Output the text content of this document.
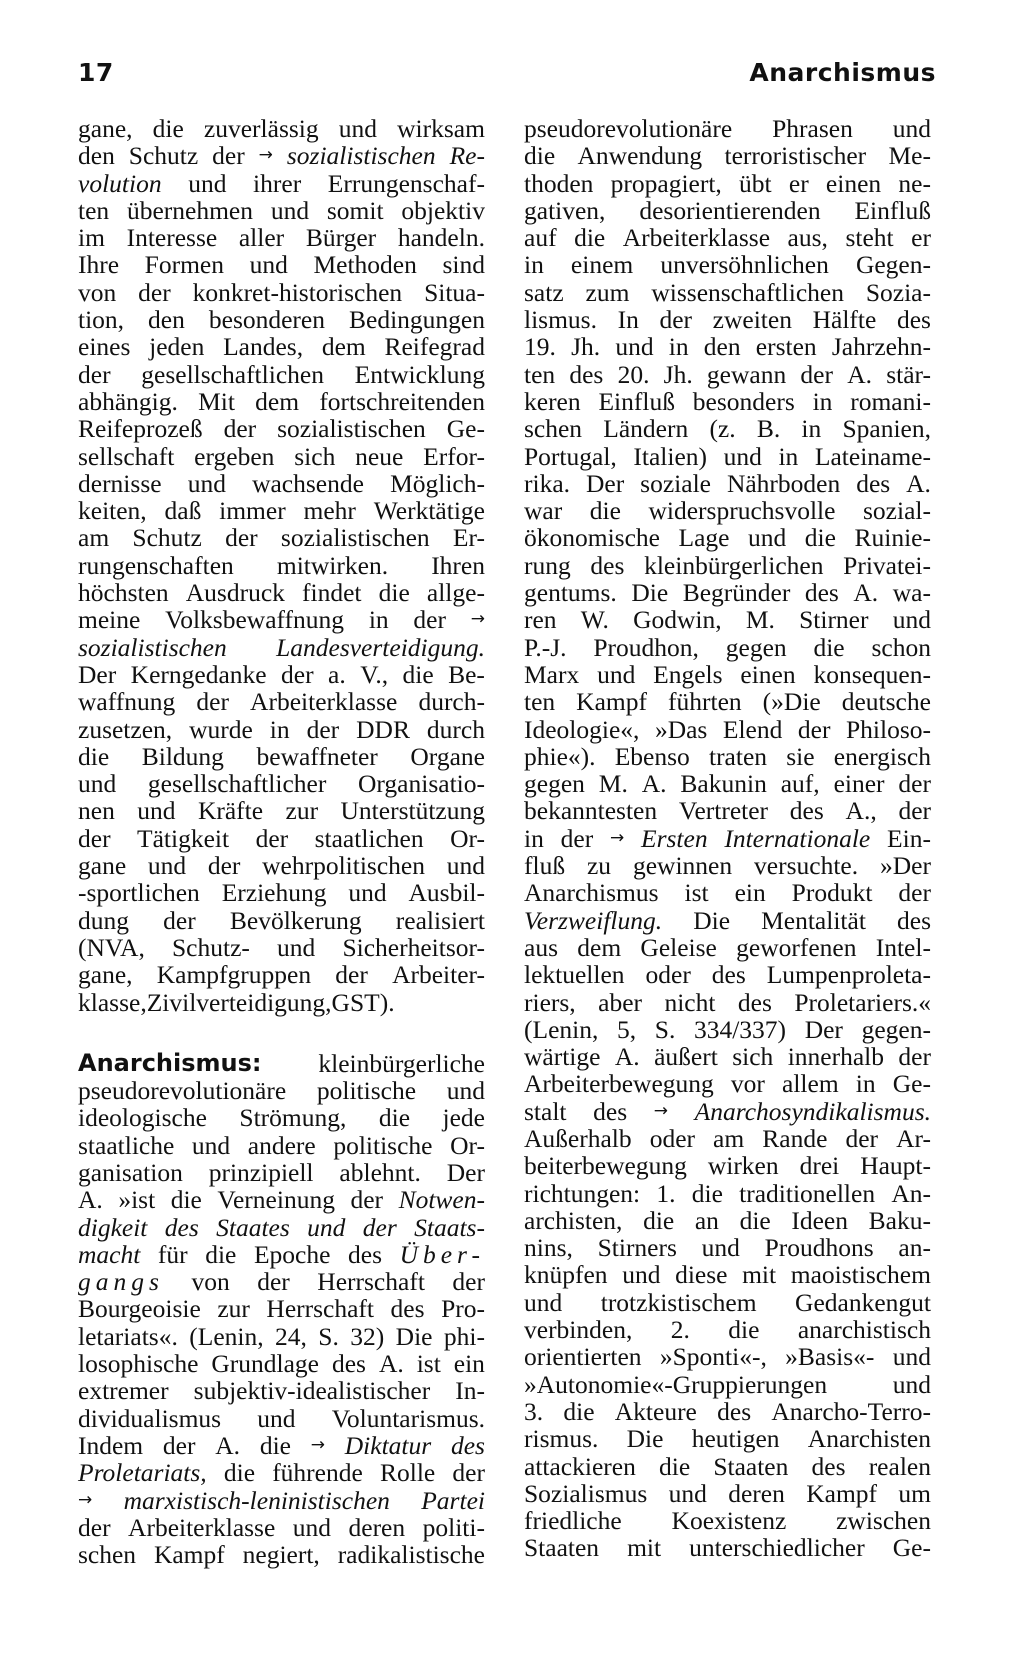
17	Anarchismus
gane, die zuverlässig und wirksam
den Schutz der → sozialistischen Re-
volution und ihrer Errungenschaf-
ten übernehmen und somit objektiv
im Interesse aller Bürger handeln.
Ihre Formen und Methoden sind
von der konkret-historischen Situa-
tion, den besonderen Bedingungen
eines jeden Landes, dem Reifegrad
der gesellschaftlichen Entwicklung
abhängig. Mit dem fortschreitenden
Reifeprozeß der sozialistischen Ge-
sellschaft ergeben sich neue Erfor-
dernisse und wachsende Möglich-
keiten, daß immer mehr Werktätige
am Schutz der sozialistischen Er-
rungenschaften mitwirken. Ihren
höchsten Ausdruck findet die allge-
meine Volksbewaffnung in der →
sozialistischen Landesverteidigung.
Der Kerngedanke der a. V., die Be-
waffnung der Arbeiterklasse durch-
zusetzen, wurde in der DDR durch
die Bildung bewaffneter Organe
und gesellschaftlicher Organisatio-
nen und Kräfte zur Unterstützung
der Tätigkeit der staatlichen Or-
gane und der wehrpolitischen und
-sportlichen Erziehung und Ausbil-
dung der Bevölkerung realisiert
(NVA, Schutz- und Sicherheitsor-
gane, Kampfgruppen der Arbeiter-
klasse, Zivilverteidigung, GST).
Anarchismus: kleinbürgerliche
pseudorevolutionäre politische und
ideologische Strömung, die jede
staatliche und andere politische Or-
ganisation prinzipiell ablehnt. Der
A. »ist die Verneinung der Notwen-
digkeit des Staates und der Staats-
macht für die Epoche des Über-
gangs von der Herrschaft der
Bourgeoisie zur Herrschaft des Pro-
letariats«. (Lenin, 24, S. 32) Die phi-
losophische Grundlage des A. ist ein
extremer subjektiv-idealistischer In-
dividualismus und Voluntarismus.
Indem der A. die → Diktatur des
Proletariats, die führende Rolle der
→ marxistisch-leninistischen Partei
der Arbeiterklasse und deren politi-
schen Kampf negiert, radikalistische
pseudorevolutionäre Phrasen und
die Anwendung terroristischer Me-
thoden propagiert, übt er einen ne-
gativen, desorientierenden Einfluß
auf die Arbeiterklasse aus, steht er
in einem unversöhnlichen Gegen-
satz zum wissenschaftlichen Sozia-
lismus. In der zweiten Hälfte des
19. Jh. und in den ersten Jahrzehn-
ten des 20. Jh. gewann der A. stär-
keren Einfluß besonders in romani-
schen Ländern (z. B. in Spanien,
Portugal, Italien) und in Lateiname-
rika. Der soziale Nährboden des A.
war die widerspruchsvolle sozial-
ökonomische Lage und die Ruinie-
rung des kleinbürgerlichen Privatei-
gentums. Die Begründer des A. wa-
ren W. Godwin, M. Stirner und
P.-J. Proudhon, gegen die schon
Marx und Engels einen konsequen-
ten Kampf führten (»Die deutsche
Ideologie«, »Das Elend der Philoso-
phie«). Ebenso traten sie energisch
gegen M. A. Bakunin auf, einer der
bekanntesten Vertreter des A., der
in der → Ersten Internationale Ein-
fluß zu gewinnen versuchte. »Der
Anarchismus ist ein Produkt der
Verzweiflung. Die Mentalität des
aus dem Geleise geworfenen Intel-
lektuellen oder des Lumpenproleta-
riers, aber nicht des Proletariers.«
(Lenin, 5, S. 334/337) Der gegen-
wärtige A. äußert sich innerhalb der
Arbeiterbewegung vor allem in Ge-
stalt des → Anarchosyndikalismus.
Außerhalb oder am Rande der Ar-
beiterbewegung wirken drei Haupt-
richtungen: 1. die traditionellen An-
archisten, die an die Ideen Baku-
nins, Stirners und Proudhons an-
knüpfen und diese mit maoistischem
und trotzkistischem Gedankengut
verbinden, 2. die anarchistisch
orientierten »Sponti«-, »Basis«- und
»Autonomie«-Gruppierungen	und
3. die Akteure des Anarcho-Terro-
rismus. Die heutigen Anarchisten
attackieren die Staaten des realen
Sozialismus und deren Kampf um
friedliche Koexistenz zwischen
Staaten mit unterschiedlicher Ge-
